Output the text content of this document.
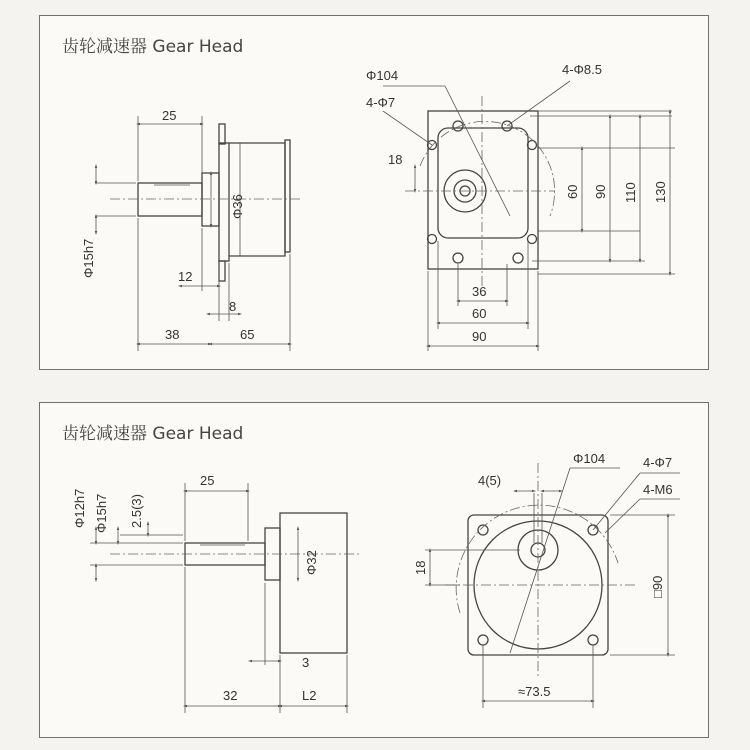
齿轮减速器 Gear Head
25
Φ15h7
Φ36
12
8
38	65
Φ104
4-Φ7
4-Φ8.5
18
60 90 110 130
36
60
90
齿轮减速器 Gear Head
25
Φ12h7 Φ15h7 2.5(3)
Φ32
3
32	L2
4(5)
Φ104	4-Φ7
4-M6
18
□90
≈73.5
